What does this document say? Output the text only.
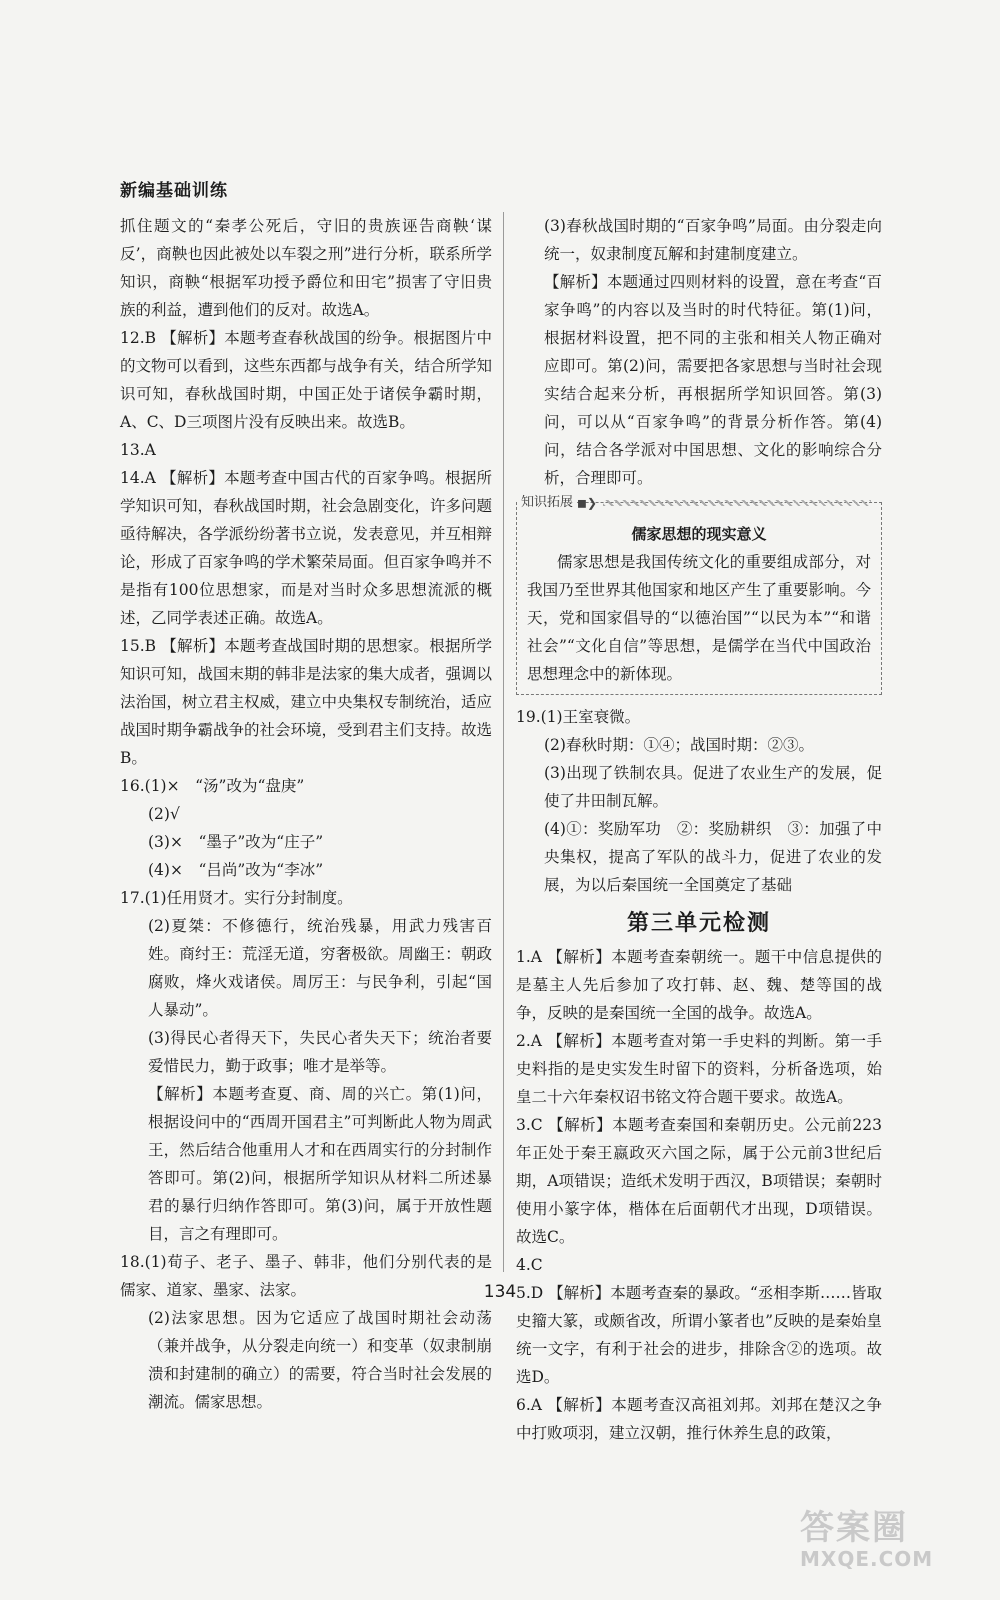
新编基础训练

抓住题文的“秦孝公死后，守旧的贵族诬告商鞅‘谋反’，商鞅也因此被处以车裂之刑”进行分析，联系所学知识，商鞅“根据军功授予爵位和田宅”损害了守旧贵族的利益，遭到他们的反对。故选A。

12.B 【解析】本题考查春秋战国的纷争。根据图片中的文物可以看到，这些东西都与战争有关，结合所学知识可知，春秋战国时期，中国正处于诸侯争霸时期，A、C、D三项图片没有反映出来。故选B。

13.A

14.A 【解析】本题考查中国古代的百家争鸣。根据所学知识可知，春秋战国时期，社会急剧变化，许多问题亟待解决，各学派纷纷著书立说，发表意见，并互相辩论，形成了百家争鸣的学术繁荣局面。但百家争鸣并不是指有100位思想家，而是对当时众多思想流派的概述，乙同学表述正确。故选A。

15.B 【解析】本题考查战国时期的思想家。根据所学知识可知，战国末期的韩非是法家的集大成者，强调以法治国，树立君主权威，建立中央集权专制统治，适应战国时期争霸战争的社会环境，受到君主们支持。故选B。

16.(1)×　“汤”改为“盘庚”

(2)√

(3)×　“墨子”改为“庄子”

(4)×　“吕尚”改为“李冰”

17.(1)任用贤才。实行分封制度。

(2)夏桀：不修德行，统治残暴，用武力残害百姓。商纣王：荒淫无道，穷奢极欲。周幽王：朝政腐败，烽火戏诸侯。周厉王：与民争利，引起“国人暴动”。

(3)得民心者得天下，失民心者失天下；统治者要爱惜民力，勤于政事；唯才是举等。

【解析】本题考查夏、商、周的兴亡。第(1)问，根据设问中的“西周开国君主”可判断此人物为周武王，然后结合他重用人才和在西周实行的分封制作答即可。第(2)问，根据所学知识从材料二所述暴君的暴行归纳作答即可。第(3)问，属于开放性题目，言之有理即可。

18.(1)荀子、老子、墨子、韩非，他们分别代表的是儒家、道家、墨家、法家。

(2)法家思想。因为它适应了战国时期社会动荡（兼并战争，从分裂走向统一）和变革（奴隶制崩溃和封建制的确立）的需要，符合当时社会发展的潮流。儒家思想。

(3)春秋战国时期的“百家争鸣”局面。由分裂走向统一，奴隶制度瓦解和封建制度建立。

【解析】本题通过四则材料的设置，意在考查“百家争鸣”的内容以及当时的时代特征。第(1)问，根据材料设置，把不同的主张和相关人物正确对应即可。第(2)问，需要把各家思想与当时社会现实结合起来分析，再根据所学知识回答。第(3)问，可以从“百家争鸣”的背景分析作答。第(4)问，结合各学派对中国思想、文化的影响综合分析，合理即可。

知识拓展 ◼❯
儒家思想的现实意义

儒家思想是我国传统文化的重要组成部分，对我国乃至世界其他国家和地区产生了重要影响。今天，党和国家倡导的“以德治国”“以民为本”“和谐社会”“文化自信”等思想，是儒学在当代中国政治思想理念中的新体现。

19.(1)王室衰微。

(2)春秋时期：①④；战国时期：②③。

(3)出现了铁制农具。促进了农业生产的发展，促使了井田制瓦解。

(4)①：奖励军功　②：奖励耕织　③：加强了中央集权，提高了军队的战斗力，促进了农业的发展，为以后秦国统一全国奠定了基础

第三单元检测

1.A 【解析】本题考查秦朝统一。题干中信息提供的是墓主人先后参加了攻打韩、赵、魏、楚等国的战争，反映的是秦国统一全国的战争。故选A。

2.A 【解析】本题考查对第一手史料的判断。第一手史料指的是史实发生时留下的资料，分析备选项，始皇二十六年秦权诏书铭文符合题干要求。故选A。

3.C 【解析】本题考查秦国和秦朝历史。公元前223年正处于秦王嬴政灭六国之际，属于公元前3世纪后期，A项错误；造纸术发明于西汉，B项错误；秦朝时使用小篆字体，楷体在后面朝代才出现，D项错误。故选C。

4.C

5.D 【解析】本题考查秦的暴政。“丞相李斯……皆取史籀大篆，或颇省改，所谓小篆者也”反映的是秦始皇统一文字，有利于社会的进步，排除含②的选项。故选D。

6.A 【解析】本题考查汉高祖刘邦。刘邦在楚汉之争中打败项羽，建立汉朝，推行休养生息的政策，

134
答案圈
MXQE.COM
